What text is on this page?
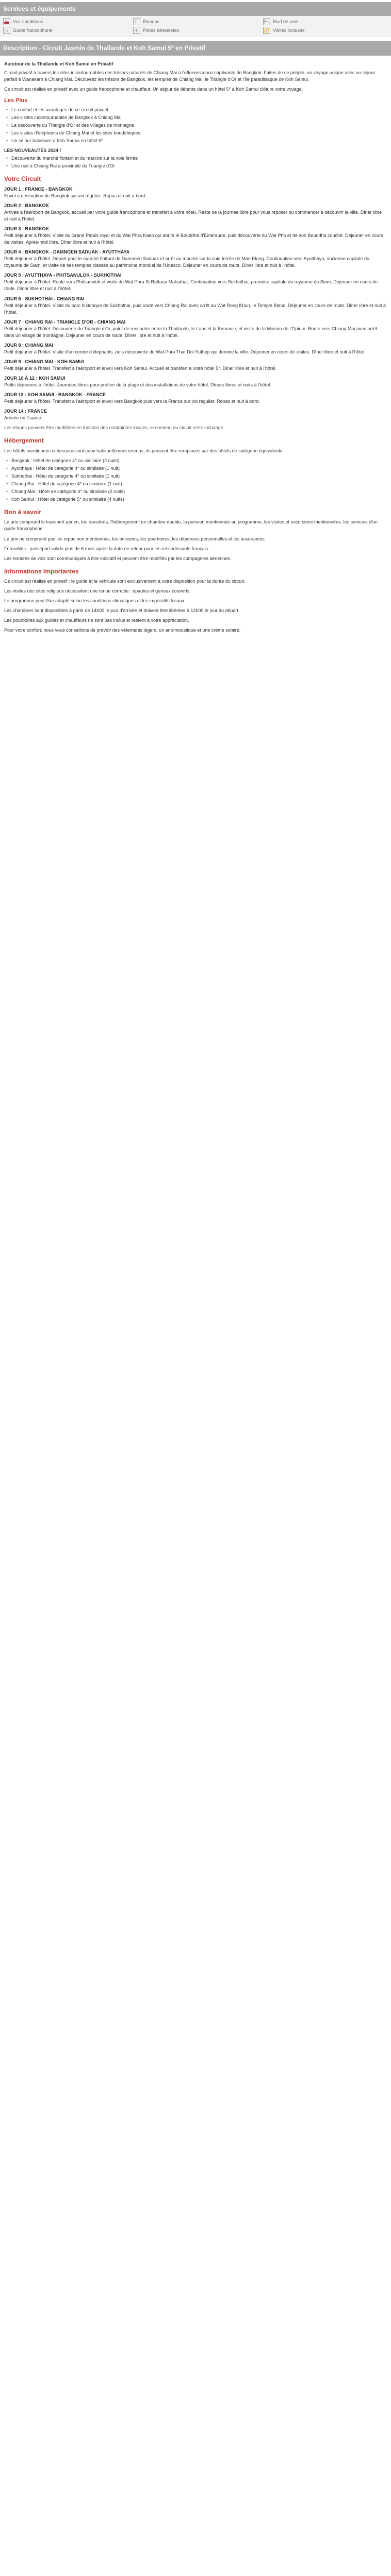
Services et équipements
🚗 Voir conditions	☾ Bivouac	🛏 Bivd de voie
☆ Guide francophone	✈ Pistes désservies	🧭 Visites incluses
Description - Circuit Jasmin de Thaïlande et Koh Samui 5* en Privatif
Autotour de la Thaïlande et Koh Samui en Privatif

Circuit privatif à travers les sites incontournables des trésors naturels de Chiang Mai à l'effervescence captivante de Bangkok. Faites de ce périple, un voyage unique avec un séjour parfait à Wanakarn à Chiang Mai. Découvrez les trésors de Bangkok, les temples de Chiang Mai, le Triangle d'Or et l'île paradisiaque de Koh Samui.

Ce circuit est réalisé en privatif avec un guide francophone et chauffeur. Un séjour de détente dans un hôtel 5* à Koh Samui clôture votre voyage.

Les Plus
• Le confort et les avantages de ce circuit privatif
• Les visites incontournables de Bangkok à Chiang Mai
• La découverte du Triangle d'Or et des villages de montagne
• Les visites d'éléphants de Chiang Mai et les sites bouddhiques
• Un séjour balnéaire à Koh Samui en hôtel 5*
LES NOUVEAUTÉS 2024 !
• Découverte du marché flottant et du marché sur la voie ferrée
• Une nuit à Chiang Rai à proximité du Triangle d'Or
Votre Circuit
JOUR 1 : FRANCE - BANGKOK
Envol à destination de Bangkok sur vol régulier. Repas et nuit à bord.
JOUR 2 : BANGKOK
Arrivée à l'aéroport de Bangkok, accueil par votre guide francophone et transfert à votre hôtel. Reste de la journée libre pour vous reposer ou commencer à découvrir la ville. Dîner libre et nuit à l'hôtel.
JOUR 3 : BANGKOK
Petit déjeuner à l'hôtel. Visite du Grand Palais royal et du Wat Phra Kaeo qui abrite le Bouddha d'Émeraude, puis découverte du Wat Pho et de son Bouddha couché. Déjeuner en cours de visites. Après-midi libre. Dîner libre et nuit à l'hôtel.
JOUR 4 : BANGKOK - DAMNOEN SADUAK - AYUTTHAYA
Petit déjeuner à l'hôtel. Départ pour le marché flottant de Damnoen Saduak et arrêt au marché sur la voie ferrée de Mae Klong. Continuation vers Ayutthaya, ancienne capitale du royaume de Siam, et visite de ses temples classés au patrimoine mondial de l'Unesco. Déjeuner en cours de route. Dîner libre et nuit à l'hôtel.
JOUR 5 : AYUTTHAYA - PHITSANULOK - SUKHOTHAI
Petit déjeuner à l'hôtel. Route vers Phitsanulok et visite du Wat Phra Si Rattana Mahathat. Continuation vers Sukhothai, première capitale du royaume du Siam. Déjeuner en cours de route. Dîner libre et nuit à l'hôtel.
JOUR 6 : SUKHOTHAI - CHIANG RAI
Petit déjeuner à l'hôtel. Visite du parc historique de Sukhothai, puis route vers Chiang Rai avec arrêt au Wat Rong Khun, le Temple Blanc. Déjeuner en cours de route. Dîner libre et nuit à l'hôtel.
JOUR 7 : CHIANG RAI - TRIANGLE D'OR - CHIANG MAI
Petit déjeuner à l'hôtel. Découverte du Triangle d'Or, point de rencontre entre la Thaïlande, le Laos et la Birmanie, et visite de la Maison de l'Opium. Route vers Chiang Mai avec arrêt dans un village de montagne. Déjeuner en cours de route. Dîner libre et nuit à l'hôtel.
JOUR 8 : CHIANG MAI
Petit déjeuner à l'hôtel. Visite d'un centre d'éléphants, puis découverte du Wat Phra That Doi Suthep qui domine la ville. Déjeuner en cours de visites. Dîner libre et nuit à l'hôtel.
JOUR 9 : CHIANG MAI - KOH SAMUI
Petit déjeuner à l'hôtel. Transfert à l'aéroport et envol vers Koh Samui. Accueil et transfert à votre hôtel 5*. Dîner libre et nuit à l'hôtel.
JOUR 10 À 12 : KOH SAMUI
Petits déjeuners à l'hôtel. Journées libres pour profiter de la plage et des installations de votre hôtel. Dîners libres et nuits à l'hôtel.
JOUR 13 : KOH SAMUI - BANGKOK - FRANCE
Petit déjeuner à l'hôtel. Transfert à l'aéroport et envol vers Bangkok puis vers la France sur vol régulier. Repas et nuit à bord.
JOUR 14 : FRANCE
Arrivée en France.
Les étapes peuvent être modifiées en fonction des contraintes locales, le contenu du circuit reste inchangé.
Hébergement
Les hôtels mentionnés ci-dessous sont ceux habituellement retenus, ils peuvent être remplacés par des hôtels de catégorie équivalente.
• Bangkok : Hôtel de catégorie 4* ou similaire (2 nuits)
• Ayutthaya : Hôtel de catégorie 4* ou similaire (1 nuit)
• Sukhothai : Hôtel de catégorie 4* ou similaire (1 nuit)
• Chiang Rai : Hôtel de catégorie 4* ou similaire (1 nuit)
• Chiang Mai : Hôtel de catégorie 4* ou similaire (2 nuits)
• Koh Samui : Hôtel de catégorie 5* ou similaire (4 nuits)
Bon à savoir
Le prix comprend le transport aérien, les transferts, l'hébergement en chambre double, la pension mentionnée au programme, les visites et excursions mentionnées, les services d'un guide francophone.
Le prix ne comprend pas les repas non mentionnés, les boissons, les pourboires, les dépenses personnelles et les assurances.
Formalités : passeport valide plus de 6 mois après la date de retour pour les ressortissants français.
Les horaires de vols sont communiqués à titre indicatif et peuvent être modifiés par les compagnies aériennes.
Informations Importantes
Ce circuit est réalisé en privatif : le guide et le véhicule sont exclusivement à votre disposition pour la durée du circuit.
Les visites des sites religieux nécessitent une tenue correcte : épaules et genoux couverts.
Le programme peut être adapté selon les conditions climatiques et les impératifs locaux.
Les chambres sont disponibles à partir de 14h00 le jour d'arrivée et doivent être libérées à 12h00 le jour du départ.
Les pourboires aux guides et chauffeurs ne sont pas inclus et restent à votre appréciation.
Pour votre confort, nous vous conseillons de prévoir des vêtements légers, un anti-moustique et une crème solaire.
